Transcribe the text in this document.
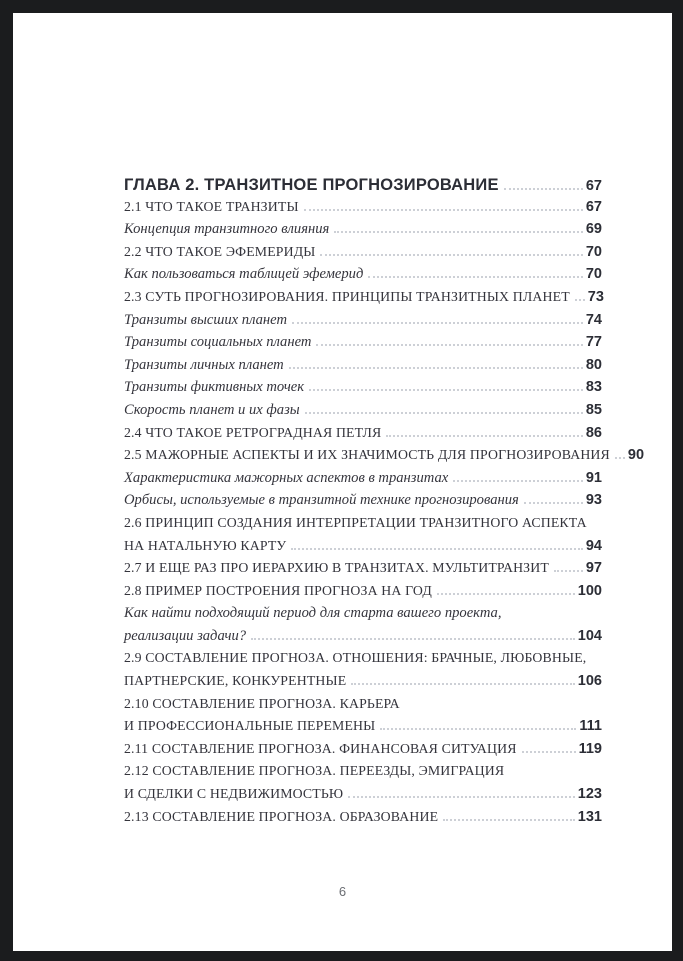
ГЛАВА 2. ТРАНЗИТНОЕ ПРОГНОЗИРОВАНИЕ	67
2.1 ЧТО ТАКОЕ ТРАНЗИТЫ	67
Концепция транзитного влияния	69
2.2 ЧТО ТАКОЕ ЭФЕМЕРИДЫ	70
Как пользоваться таблицей эфемерид	70
2.3 СУТЬ ПРОГНОЗИРОВАНИЯ. ПРИНЦИПЫ ТРАНЗИТНЫХ ПЛАНЕТ 73
Транзиты высших планет	74
Транзиты социальных планет	77
Транзиты личных планет	80
Транзиты фиктивных точек	83
Скорость планет и их фазы	85
2.4 ЧТО ТАКОЕ РЕТРОГРАДНАЯ ПЕТЛЯ	86
2.5 МАЖОРНЫЕ АСПЕКТЫ И ИХ ЗНАЧИМОСТЬ ДЛЯ ПРОГНОЗИРОВАНИЯ 90
Характеристика мажорных аспектов в транзитах	91
Орбисы, используемые в транзитной технике прогнозирования	93
2.6 ПРИНЦИП СОЗДАНИЯ ИНТЕРПРЕТАЦИИ ТРАНЗИТНОГО АСПЕКТА
НА НАТАЛЬНУЮ КАРТУ	94
2.7 И ЕЩЕ РАЗ ПРО ИЕРАРХИЮ В ТРАНЗИТАХ. МУЛЬТИТРАНЗИТ	97
2.8 ПРИМЕР ПОСТРОЕНИЯ ПРОГНОЗА НА ГОД	100
Как найти подходящий период для старта вашего проекта,
реализации задачи?	104
2.9 СОСТАВЛЕНИЕ ПРОГНОЗА. ОТНОШЕНИЯ: БРАЧНЫЕ, ЛЮБОВНЫЕ,
ПАРТНЕРСКИЕ, КОНКУРЕНТНЫЕ	106
2.10 СОСТАВЛЕНИЕ ПРОГНОЗА. КАРЬЕРА
И ПРОФЕССИОНАЛЬНЫЕ ПЕРЕМЕНЫ	111
2.11 СОСТАВЛЕНИЕ ПРОГНОЗА. ФИНАНСОВАЯ СИТУАЦИЯ	119
2.12 СОСТАВЛЕНИЕ ПРОГНОЗА. ПЕРЕЕЗДЫ, ЭМИГРАЦИЯ
И СДЕЛКИ С НЕДВИЖИМОСТЬЮ	123
2.13 СОСТАВЛЕНИЕ ПРОГНОЗА. ОБРАЗОВАНИЕ	131
6
